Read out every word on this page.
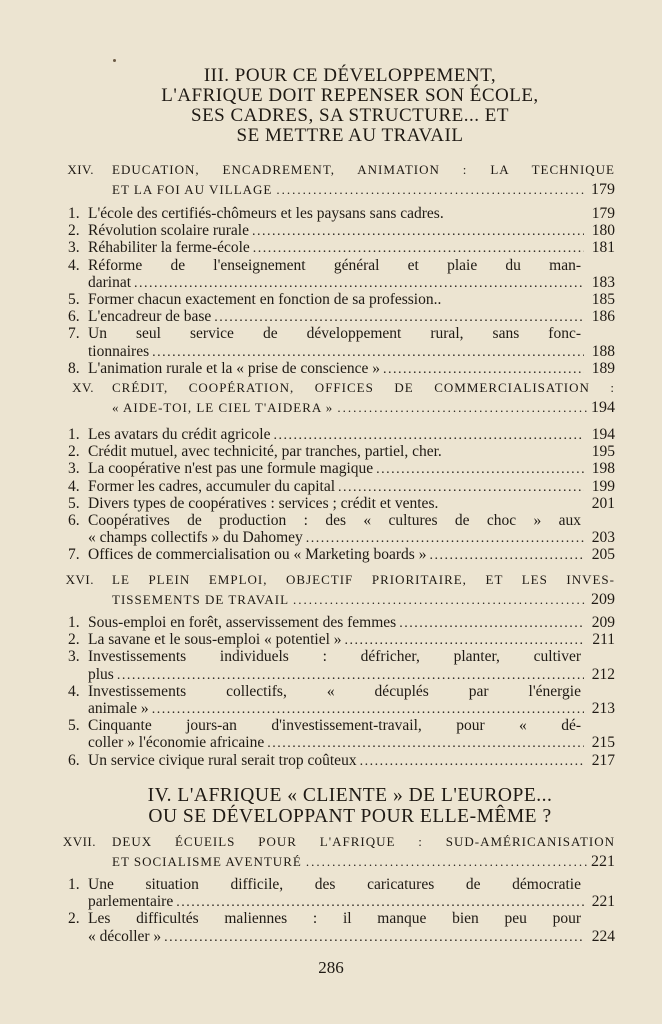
III. POUR CE DÉVELOPPEMENT,
L'AFRIQUE DOIT REPENSER SON ÉCOLE,
SES CADRES, SA STRUCTURE... ET
SE METTRE AU TRAVAIL
XIV. EDUCATION, ENCADREMENT, ANIMATION : LA TECHNIQUE
ET LA FOI AU VILLAGE .....	179
1. L'école des certifiés-chômeurs et les paysans sans cadres.	179
2. Révolution scolaire rurale .....	180
3. Réhabiliter la ferme-école .....	181
4. Réforme de l'enseignement général et plaie du man-
darinat .....	183
5. Former chacun exactement en fonction de sa profession..	185
6. L'encadreur de base .....	186
7. Un seul service de développement rural, sans fonc-
tionnaires .....	188
8. L'animation rurale et la « prise de conscience » .....	189
XV. CRÉDIT, COOPÉRATION, OFFICES DE COMMERCIALISATION :
« AIDE-TOI, LE CIEL T'AIDERA » .....	194
1. Les avatars du crédit agricole .....	194
2. Crédit mutuel, avec technicité, par tranches, partiel, cher.	195
3. La coopérative n'est pas une formule magique .....	198
4. Former les cadres, accumuler du capital .....	199
5. Divers types de coopératives : services ; crédit et ventes.	201
6. Coopératives de production : des « cultures de choc » aux
« champs collectifs » du Dahomey .....	203
7. Offices de commercialisation ou « Marketing boards » .....	205
XVI. LE PLEIN EMPLOI, OBJECTIF PRIORITAIRE, ET LES INVES-
TISSEMENTS DE TRAVAIL .....	209
1. Sous-emploi en forêt, asservissement des femmes .....	209
2. La savane et le sous-emploi « potentiel » .....	211
3. Investissements individuels : défricher, planter, cultiver
plus .....	212
4. Investissements collectifs, « décuplés par l'énergie
animale » .....	213
5. Cinquante jours-an d'investissement-travail, pour « dé-
coller » l'économie africaine .....	215
6. Un service civique rural serait trop coûteux .....	217
IV. L'AFRIQUE « CLIENTE » DE L'EUROPE...
OU SE DÉVELOPPANT POUR ELLE-MÊME ?
XVII. DEUX ÉCUEILS POUR L'AFRIQUE : SUD-AMÉRICANISATION
ET SOCIALISME AVENTURÉ .....	221
1. Une situation difficile, des caricatures de démocratie
parlementaire .....	221
2. Les difficultés maliennes : il manque bien peu pour
« décoller » .....	224
286
